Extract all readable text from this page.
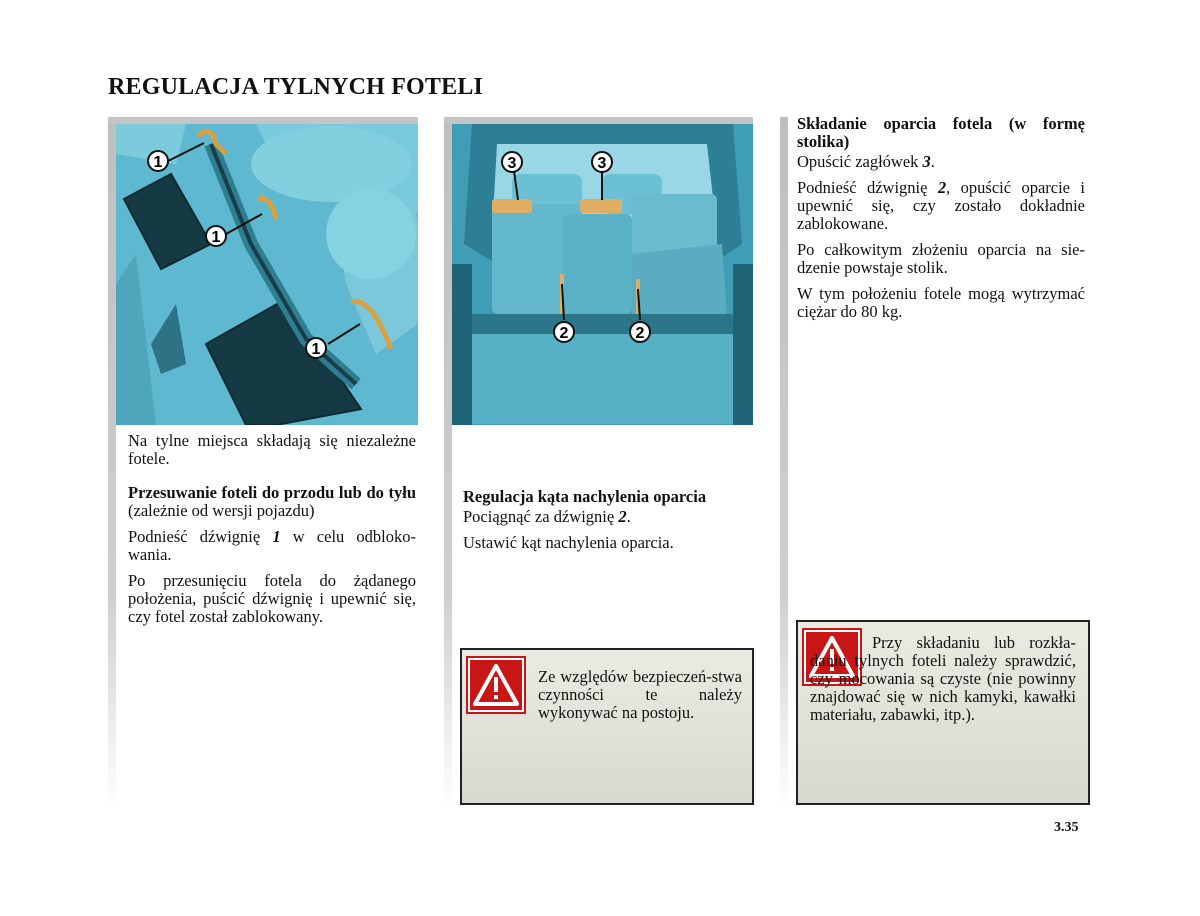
REGULACJA TYLNYCH FOTELI
1
1
1
3	3
2	2

Na tylne miejsca składają się niezależne fotele.

Przesuwanie foteli do przodu lub do tyłu (zależnie od wersji pojazdu)

Podnieść dźwignię 1 w celu odbloko-wania.

Po przesunięciu fotela do żądanego położenia, puścić dźwignię i upewnić się, czy fotel został zablokowany.

Regulacja kąta nachylenia oparcia

Pociągnąć za dźwignię 2.

Ustawić kąt nachylenia oparcia.

Ze względów bezpieczeń-stwa czynności te należy wykonywać na postoju.

Składanie oparcia fotela (w formę stolika)

Opuścić zagłówek 3.

Podnieść dźwignię 2, opuścić oparcie i upewnić się, czy zostało dokładnie zablokowane.

Po całkowitym złożeniu oparcia na sie-dzenie powstaje stolik.

W tym położeniu fotele mogą wytrzymać ciężar do 80 kg.

Przy składaniu lub rozkła-daniu tylnych foteli należy sprawdzić, czy mocowania są czyste (nie powinny znajdować się w nich kamyki, kawałki materiału, zabawki, itp.).
3.35
